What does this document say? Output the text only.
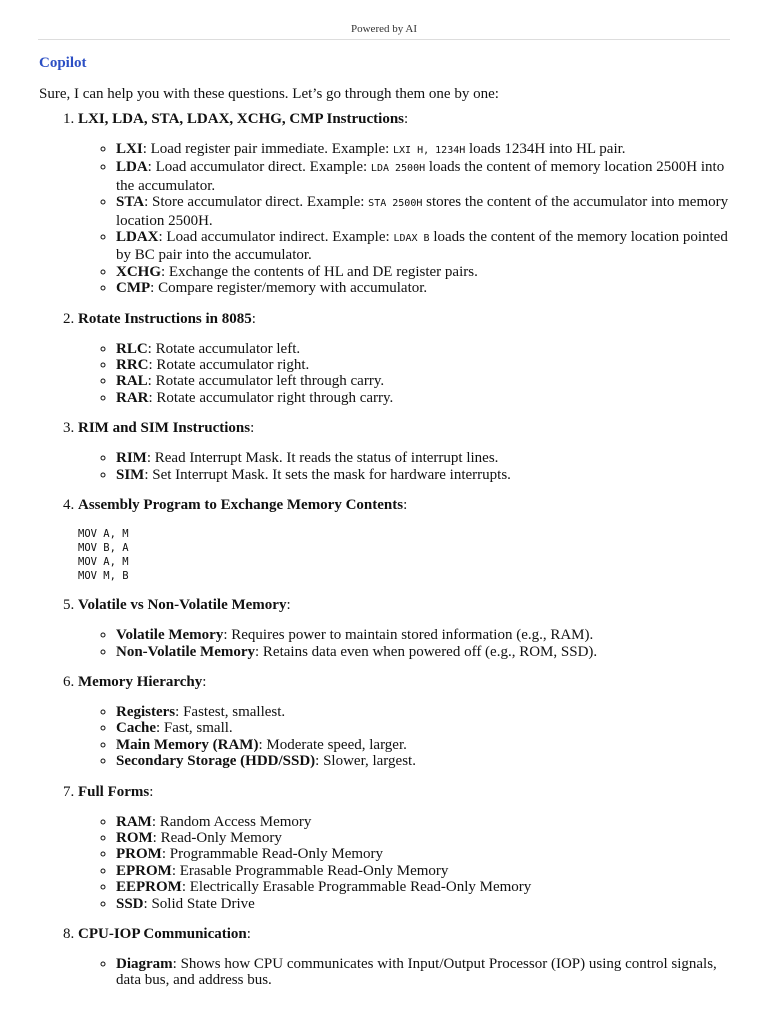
Powered by AI
Copilot

Sure, I can help you with these questions. Let’s go through them one by one:

1. LXI, LDA, STA, LDAX, XCHG, CMP Instructions:
◦ LXI: Load register pair immediate. Example: LXI H, 1234H loads 1234H into HL pair.
◦ LDA: Load accumulator direct. Example: LDA 2500H loads the content of memory location 2500H into the accumulator.
◦ STA: Store accumulator direct. Example: STA 2500H stores the content of the accumulator into memory location 2500H.
◦ LDAX: Load accumulator indirect. Example: LDAX B loads the content of the memory location pointed by BC pair into the accumulator.
◦ XCHG: Exchange the contents of HL and DE register pairs.
◦ CMP: Compare register/memory with accumulator.
2. Rotate Instructions in 8085:
◦ RLC: Rotate accumulator left.
◦ RRC: Rotate accumulator right.
◦ RAL: Rotate accumulator left through carry.
◦ RAR: Rotate accumulator right through carry.
3. RIM and SIM Instructions:
◦ RIM: Read Interrupt Mask. It reads the status of interrupt lines.
◦ SIM: Set Interrupt Mask. It sets the mask for hardware interrupts.
4. Assembly Program to Exchange Memory Contents:
MOV A, M
MOV B, A
MOV A, M
MOV M, B
5. Volatile vs Non-Volatile Memory:
◦ Volatile Memory: Requires power to maintain stored information (e.g., RAM).
◦ Non-Volatile Memory: Retains data even when powered off (e.g., ROM, SSD).
6. Memory Hierarchy:
◦ Registers: Fastest, smallest.
◦ Cache: Fast, small.
◦ Main Memory (RAM): Moderate speed, larger.
◦ Secondary Storage (HDD/SSD): Slower, largest.
7. Full Forms:
◦ RAM: Random Access Memory
◦ ROM: Read-Only Memory
◦ PROM: Programmable Read-Only Memory
◦ EPROM: Erasable Programmable Read-Only Memory
◦ EEPROM: Electrically Erasable Programmable Read-Only Memory
◦ SSD: Solid State Drive
8. CPU-IOP Communication:
◦ Diagram: Shows how CPU communicates with Input/Output Processor (IOP) using control signals, data bus, and address bus.
